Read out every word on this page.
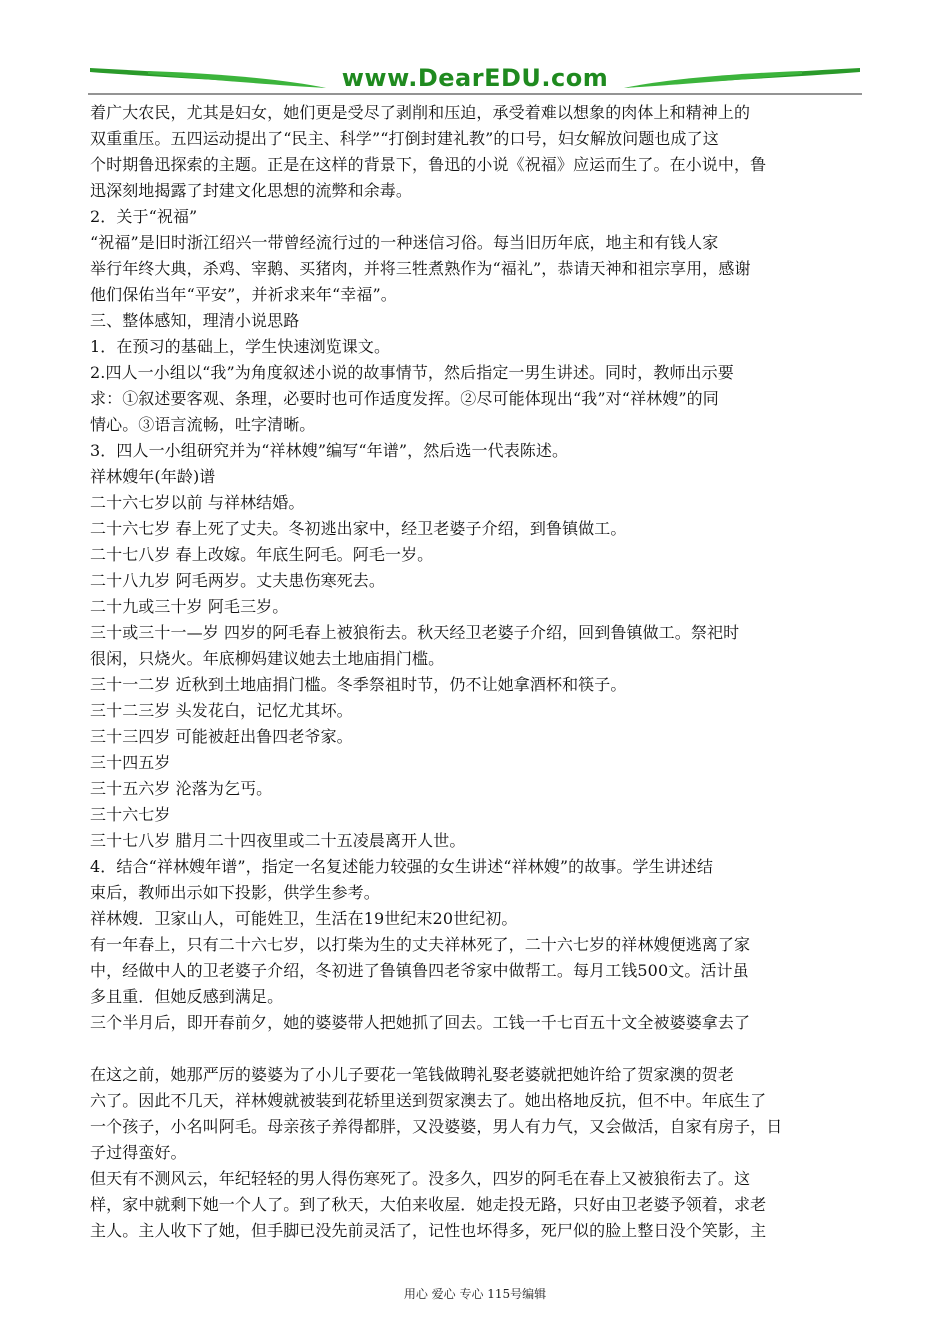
www.DearEDU.com
着广大农民，尤其是妇女，她们更是受尽了剥削和压迫，承受着难以想象的肉体上和精神上的
双重重压。五四运动提出了“民主、科学”“打倒封建礼教”的口号，妇女解放问题也成了这
个时期鲁迅探索的主题。正是在这样的背景下，鲁迅的小说《祝福》应运而生了。在小说中，鲁
迅深刻地揭露了封建文化思想的流弊和余毒。
2．关于“祝福”
“祝福”是旧时浙江绍兴一带曾经流行过的一种迷信习俗。每当旧历年底，地主和有钱人家
举行年终大典，杀鸡、宰鹅、买猪肉，并将三牲煮熟作为“福礼”，恭请天神和祖宗享用，感谢
他们保佑当年“平安”，并祈求来年“幸福”。
三、整体感知，理清小说思路
1．在预习的基础上，学生快速浏览课文。
2.四人一小组以“我”为角度叙述小说的故事情节，然后指定一男生讲述。同时，教师出示要
求：①叙述要客观、条理，必要时也可作适度发挥。②尽可能体现出“我”对“祥林嫂”的同
情心。③语言流畅，吐字清晰。
3．四人一小组研究并为“祥林嫂”编写“年谱”，然后选一代表陈述。
祥林嫂年(年龄)谱
二十六七岁以前 与祥林结婚。
二十六七岁 春上死了丈夫。冬初逃出家中，经卫老婆子介绍，到鲁镇做工。
二十七八岁 春上改嫁。年底生阿毛。阿毛一岁。
二十八九岁 阿毛两岁。丈夫患伤寒死去。
二十九或三十岁 阿毛三岁。
三十或三十一—岁 四岁的阿毛春上被狼衔去。秋天经卫老婆子介绍，回到鲁镇做工。祭祀时
很闲，只烧火。年底柳妈建议她去土地庙捐门槛。
三十一二岁 近秋到土地庙捐门槛。冬季祭祖时节，仍不让她拿酒杯和筷子。
三十二三岁 头发花白，记忆尤其坏。
三十三四岁 可能被赶出鲁四老爷家。
三十四五岁
三十五六岁 沦落为乞丐。
三十六七岁
三十七八岁 腊月二十四夜里或二十五凌晨离开人世。
4．结合“祥林嫂年谱”，指定一名复述能力较强的女生讲述“祥林嫂”的故事。学生讲述结
束后，教师出示如下投影，供学生参考。
祥林嫂．卫家山人，可能姓卫，生活在19世纪末20世纪初。
有一年春上，只有二十六七岁，以打柴为生的丈夫祥林死了，二十六七岁的祥林嫂便逃离了家
中，经做中人的卫老婆子介绍，冬初进了鲁镇鲁四老爷家中做帮工。每月工钱500文。活计虽
多且重．但她反感到满足。
三个半月后，即开春前夕，她的婆婆带人把她抓了回去。工钱一千七百五十文全被婆婆拿去了
在这之前，她那严厉的婆婆为了小儿子要花一笔钱做聘礼娶老婆就把她许给了贺家澳的贺老
六了。因此不几天，祥林嫂就被装到花轿里送到贺家澳去了。她出格地反抗，但不中。年底生了
一个孩子，小名叫阿毛。母亲孩子养得都胖，又没婆婆，男人有力气，又会做活，自家有房子，日
子过得蛮好。
但天有不测风云，年纪轻轻的男人得伤寒死了。没多久，四岁的阿毛在春上又被狼衔去了。这
样，家中就剩下她一个人了。到了秋天，大伯来收屋．她走投无路，只好由卫老婆予领着，求老
主人。主人收下了她，但手脚已没先前灵活了，记性也坏得多，死尸似的脸上整日没个笑影，主
用心 爱心 专心 115号编辑
